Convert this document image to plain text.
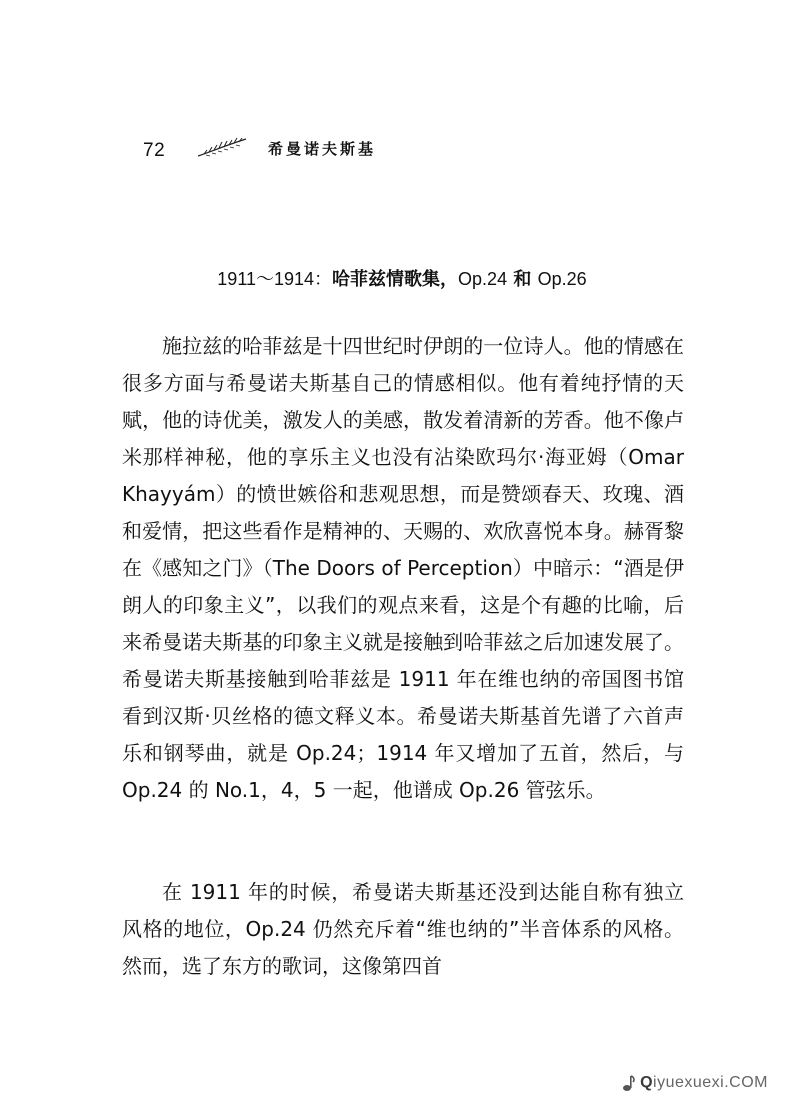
72	希曼诺夫斯基
1911～1914：哈菲兹情歌集，Op.24 和 Op.26

施拉兹的哈菲兹是十四世纪时伊朗的一位诗人。他的情感在很多方面与希曼诺夫斯基自己的情感相似。他有着纯抒情的天赋，他的诗优美，激发人的美感，散发着清新的芳香。他不像卢米那样神秘，他的享乐主义也没有沾染欧玛尔·海亚姆（Omar Khayyám）的愤世嫉俗和悲观思想，而是赞颂春天、玫瑰、酒和爱情，把这些看作是精神的、天赐的、欢欣喜悦本身。赫胥黎在《感知之门》（The Doors of Perception）中暗示：“酒是伊朗人的印象主义”，以我们的观点来看，这是个有趣的比喻，后来希曼诺夫斯基的印象主义就是接触到哈菲兹之后加速发展了。希曼诺夫斯基接触到哈菲兹是 1911 年在维也纳的帝国图书馆看到汉斯·贝丝格的德文释义本。希曼诺夫斯基首先谱了六首声乐和钢琴曲，就是 Op.24；1914 年又增加了五首，然后，与 Op.24 的 No.1，4，5 一起，他谱成 Op.26 管弦乐。

在 1911 年的时候，希曼诺夫斯基还没到达能自称有独立风格的地位，Op.24 仍然充斥着“维也纳的”半音体系的风格。然而，选了东方的歌词，这像第四首

Qiyuexuexi.COM
